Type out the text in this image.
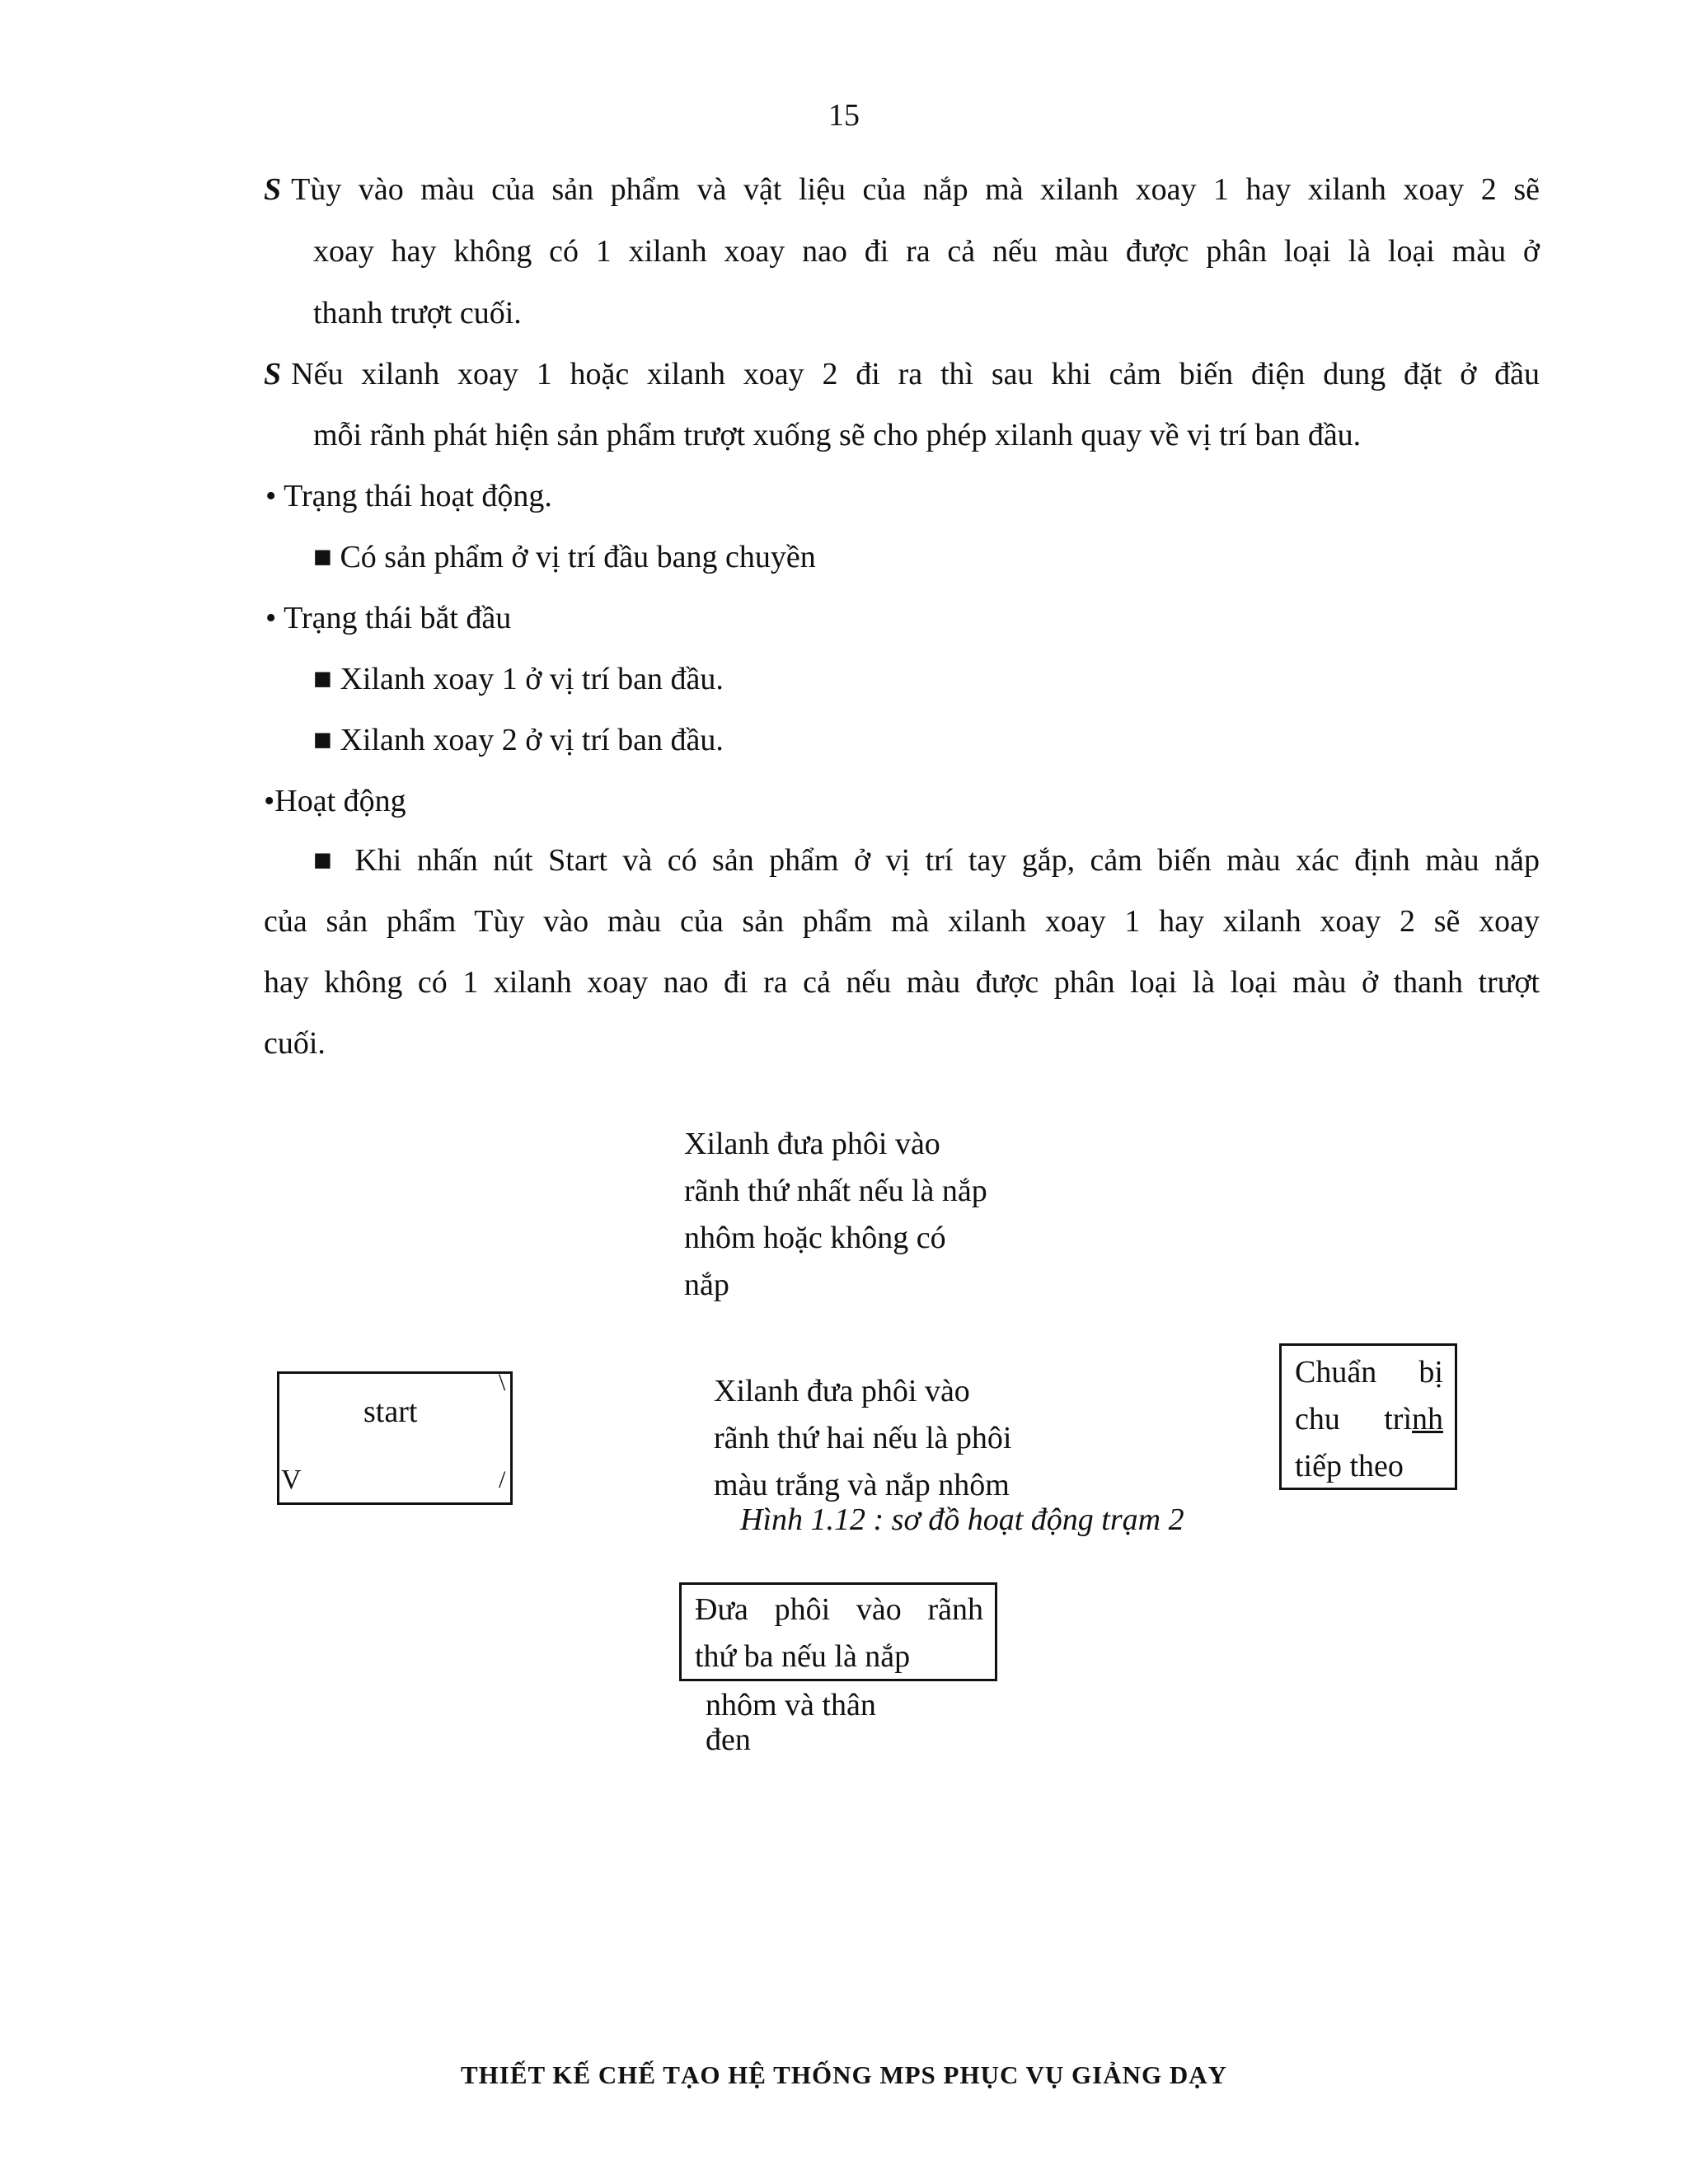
15
S Tùy vào màu của sản phẩm và vật liệu của nắp mà xilanh xoay 1 hay xilanh xoay 2 sẽ
xoay hay không có 1 xilanh xoay nao đi ra cả nếu màu được phân loại là loại màu ở
thanh trượt cuối.
S Nếu xilanh xoay 1 hoặc xilanh xoay 2 đi ra thì sau khi cảm biến điện dung đặt ở đầu
mỗi rãnh phát hiện sản phẩm trượt xuống sẽ cho phép xilanh quay về vị trí ban đầu.
• Trạng thái hoạt động.
■ Có sản phẩm ở vị trí đầu bang chuyền
• Trạng thái bắt đầu
■ Xilanh xoay 1 ở vị trí ban đầu.
■ Xilanh xoay 2 ở vị trí ban đầu.
•Hoạt động
■ Khi nhấn nút Start và có sản phẩm ở vị trí tay gắp, cảm biến màu xác định màu nắp
của sản phẩm Tùy vào màu của sản phẩm mà xilanh xoay 1 hay xilanh xoay 2 sẽ xoay
hay không có 1 xilanh xoay nao đi ra cả nếu màu được phân loại là loại màu ở thanh trượt
cuối.
Xilanh đưa phôi vào
rãnh thứ nhất nếu là nắp
nhôm hoặc không có
nắp
start
V
\
/
Xilanh đưa phôi vào
rãnh thứ hai nếu là phôi
màu trắng và nắp nhôm
Chuẩn bị
chu trình
tiếp theo
Hình 1.12 : sơ đồ hoạt động trạm 2
Đưa phôi vào rãnh
thứ ba nếu là nắp
nhôm và thân
đen
THIẾT KẾ CHẾ TẠO HỆ THỐNG MPS PHỤC VỤ GIẢNG DẠY
